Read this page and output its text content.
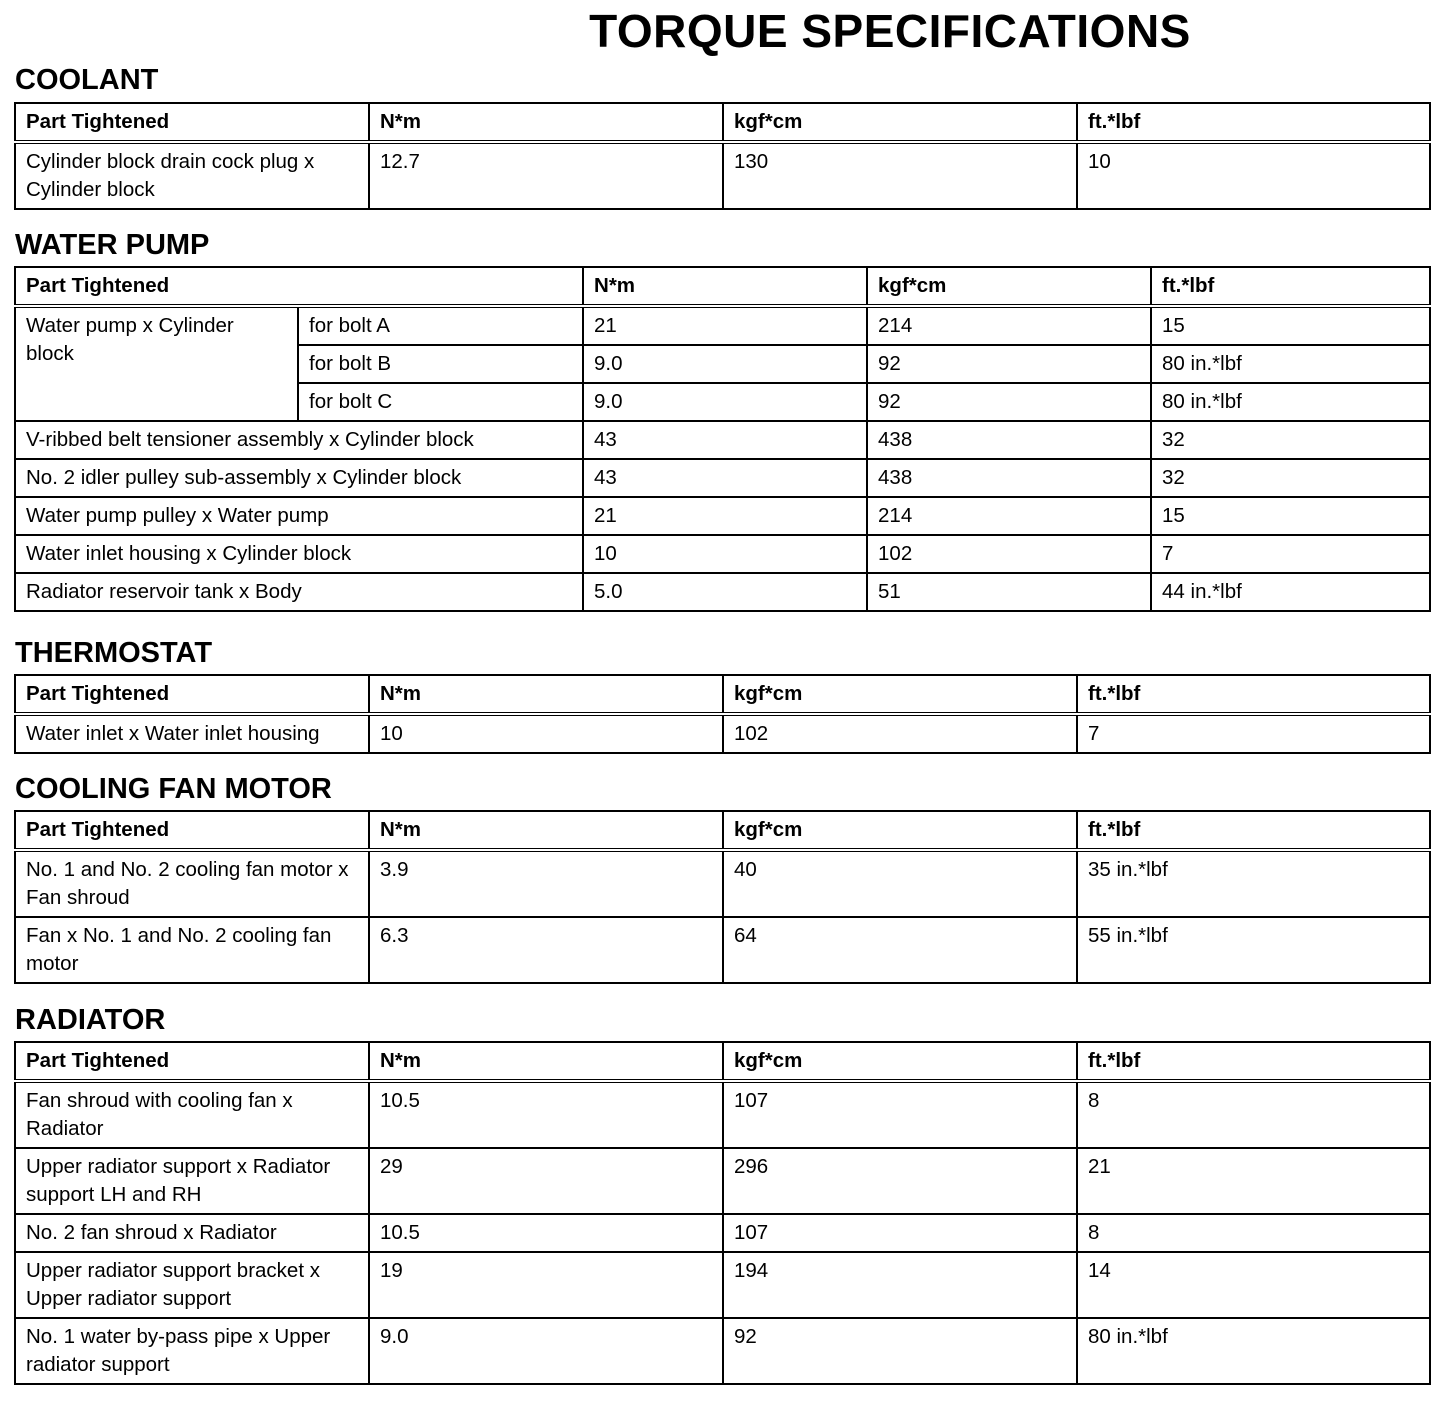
TORQUE SPECIFICATIONS
COOLANT
Part Tightened	N*m	kgf*cm	ft.*lbf
Cylinder block drain cock plug x Cylinder block	12.7	130	10
WATER PUMP
Part Tightened		N*m	kgf*cm	ft.*lbf
Water pump x Cylinder block	for bolt A	21	214	15
	for bolt B	9.0	92	80 in.*lbf
	for bolt C	9.0	92	80 in.*lbf
V-ribbed belt tensioner assembly x Cylinder block		43	438	32
No. 2 idler pulley sub-assembly x Cylinder block		43	438	32
Water pump pulley x Water pump		21	214	15
Water inlet housing x Cylinder block		10	102	7
Radiator reservoir tank x Body		5.0	51	44 in.*lbf
THERMOSTAT
Part Tightened	N*m	kgf*cm	ft.*lbf
Water inlet x Water inlet housing	10	102	7
COOLING FAN MOTOR
Part Tightened	N*m	kgf*cm	ft.*lbf
No. 1 and No. 2 cooling fan motor x Fan shroud	3.9	40	35 in.*lbf
Fan x No. 1 and No. 2 cooling fan motor	6.3	64	55 in.*lbf
RADIATOR
Part Tightened	N*m	kgf*cm	ft.*lbf
Fan shroud with cooling fan x Radiator	10.5	107	8
Upper radiator support x Radiator support LH and RH	29	296	21
No. 2 fan shroud x Radiator	10.5	107	8
Upper radiator support bracket x Upper radiator support	19	194	14
No. 1 water by-pass pipe x Upper radiator support	9.0	92	80 in.*lbf
